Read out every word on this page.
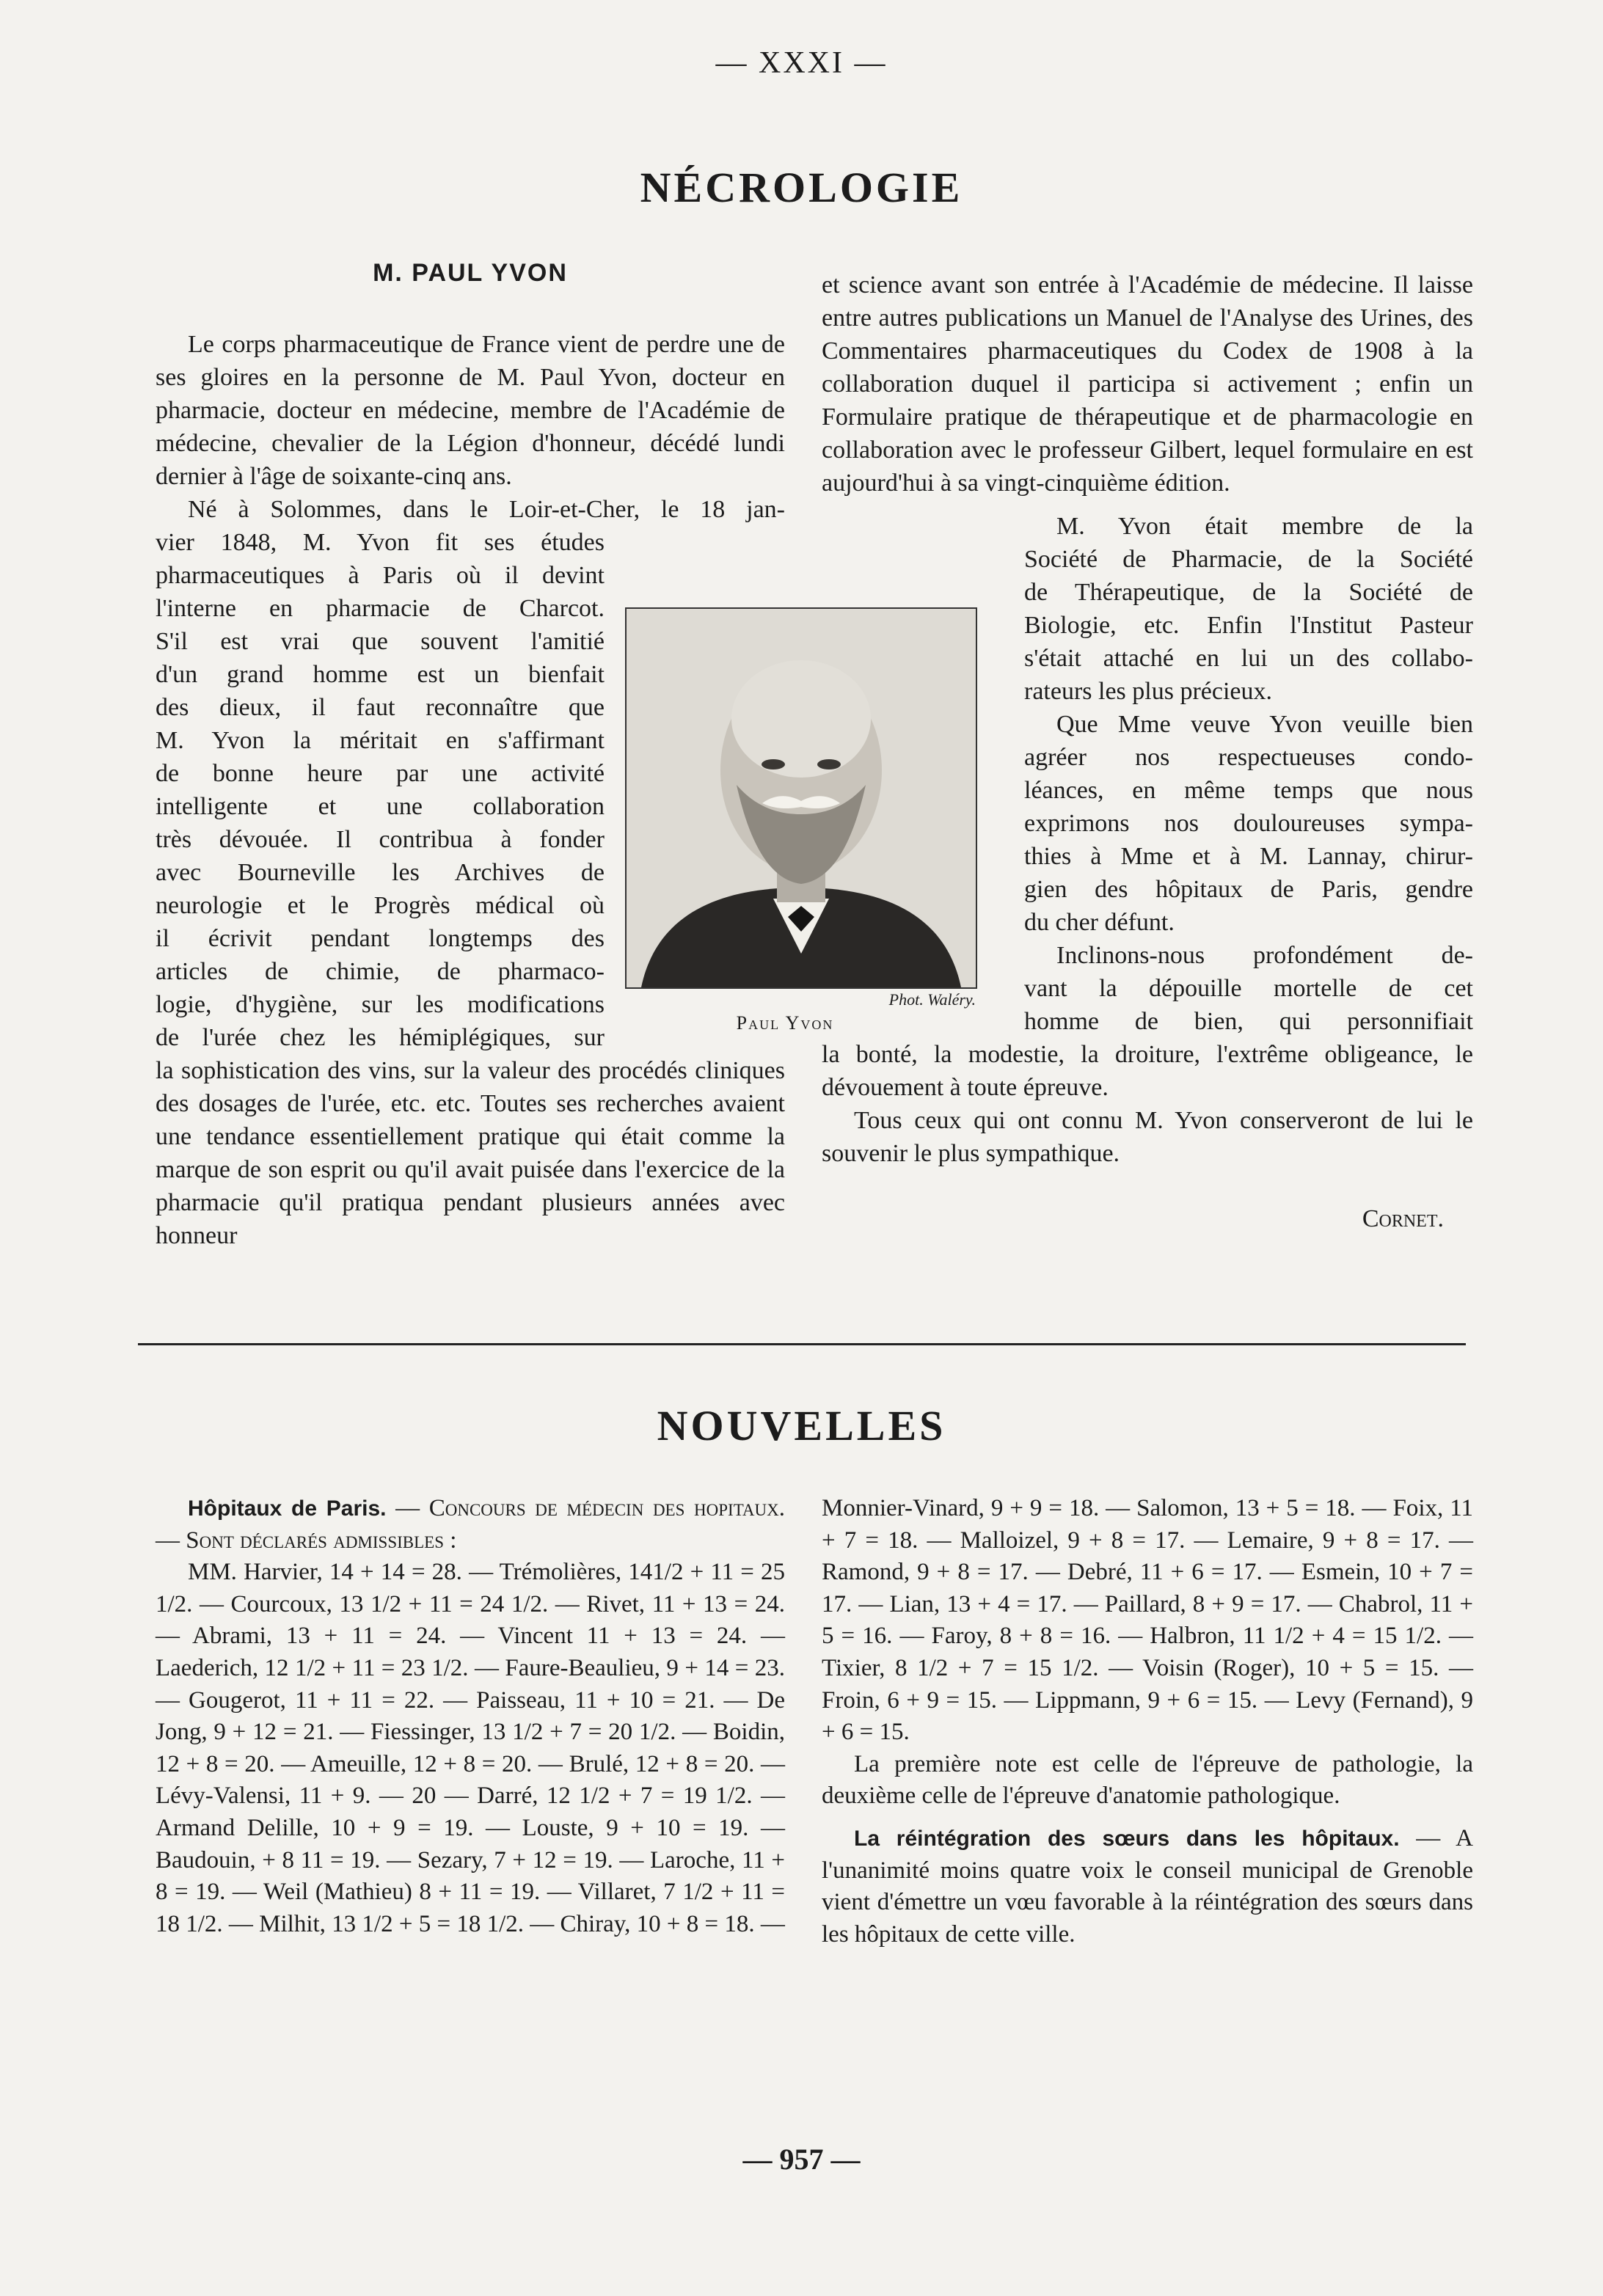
— XXXI —
NÉCROLOGIE
M. PAUL YVON

Le corps pharmaceutique de France vient de perdre une de ses gloires en la personne de M. Paul Yvon, docteur en pharmacie, docteur en médecine, membre de l'Académie de médecine, chevalier de la Légion d'honneur, décédé lundi dernier à l'âge de soixante-cinq ans.

Né à Solommes, dans le Loir-et-Cher, le 18 jan-
vier 1848, M. Yvon fit ses études
pharmaceutiques à Paris où il devint
l'interne en pharmacie de Charcot.
S'il est vrai que souvent l'amitié
d'un grand homme est un bienfait
des dieux, il faut reconnaître que
M. Yvon la méritait en s'affirmant
de bonne heure par une activité
intelligente et une collaboration
très dévouée. Il contribua à fonder
avec Bourneville les Archives de
neurologie et le Progrès médical où
il écrivit pendant longtemps des
articles de chimie, de pharmaco-
logie, d'hygiène, sur les modifications
de l'urée chez les hémiplégiques, sur

la sophistication des vins, sur la valeur des procédés cliniques des dosages de l'urée, etc. etc. Toutes ses recherches avaient une tendance essentiellement pratique qui était comme la marque de son esprit ou qu'il avait puisée dans l'exercice de la pharmacie qu'il pratiqua pendant plusieurs années avec honneur

Phot. Waléry.
Paul Yvon

et science avant son entrée à l'Académie de médecine. Il laisse entre autres publications un Manuel de l'Analyse des Urines, des Commentaires pharmaceutiques du Codex de 1908 à la collaboration duquel il participa si activement ; enfin un Formulaire pratique de thérapeutique et de pharmacologie en collaboration avec le professeur Gilbert, lequel formulaire en est aujourd'hui à sa vingt-cinquième édition.

M. Yvon était membre de la
Société de Pharmacie, de la Société
de Thérapeutique, de la Société de
Biologie, etc. Enfin l'Institut Pasteur
s'était attaché en lui un des collabo-
rateurs les plus précieux.
Que Mme veuve Yvon veuille bien
agréer nos respectueuses condo-
léances, en même temps que nous
exprimons nos douloureuses sympa-
thies à Mme et à M. Lannay, chirur-
gien des hôpitaux de Paris, gendre
du cher défunt.
Inclinons-nous profondément de-
vant la dépouille mortelle de cet
homme de bien, qui personnifiait

la bonté, la modestie, la droiture, l'extrême obligeance, le dévouement à toute épreuve.

Tous ceux qui ont connu M. Yvon conserveront de lui le souvenir le plus sympathique.

Cornet.
NOUVELLES

Hôpitaux de Paris. — Concours de médecin des hopitaux. — Sont déclarés admissibles :

MM. Harvier, 14 + 14 = 28. — Trémolières, 141/2 + 11 = 25 1/2. — Courcoux, 13 1/2 + 11 = 24 1/2. — Rivet, 11 + 13 = 24. — Abrami, 13 + 11 = 24. — Vincent 11 + 13 = 24. — Laederich, 12 1/2 + 11 = 23 1/2. — Faure-Beaulieu, 9 + 14 = 23. — Gougerot, 11 + 11 = 22. — Paisseau, 11 + 10 = 21. — De Jong, 9 + 12 = 21. — Fiessinger, 13 1/2 + 7 = 20 1/2. — Boidin, 12 + 8 = 20. — Ameuille, 12 + 8 = 20. — Brulé, 12 + 8 = 20. — Lévy-Valensi, 11 + 9. — 20 — Darré, 12 1/2 + 7 = 19 1/2. — Armand Delille, 10 + 9 = 19. — Louste, 9 + 10 = 19. — Baudouin, + 8 11 = 19. — Sezary, 7 + 12 = 19. — Laroche, 11 + 8 = 19. — Weil (Mathieu) 8 + 11 = 19. — Villaret, 7 1/2 + 11 = 18 1/2. — Milhit, 13 1/2 + 5 = 18 1/2. — Chiray, 10 + 8 = 18. —

Monnier-Vinard, 9 + 9 = 18. — Salomon, 13 + 5 = 18. — Foix, 11 + 7 = 18. — Malloizel, 9 + 8 = 17. — Lemaire, 9 + 8 = 17. — Ramond, 9 + 8 = 17. — Debré, 11 + 6 = 17. — Esmein, 10 + 7 = 17. — Lian, 13 + 4 = 17. — Paillard, 8 + 9 = 17. — Chabrol, 11 + 5 = 16. — Faroy, 8 + 8 = 16. — Halbron, 11 1/2 + 4 = 15 1/2. — Tixier, 8 1/2 + 7 = 15 1/2. — Voisin (Roger), 10 + 5 = 15. — Froin, 6 + 9 = 15. — Lippmann, 9 + 6 = 15. — Levy (Fernand), 9 + 6 = 15.

La première note est celle de l'épreuve de pathologie, la deuxième celle de l'épreuve d'anatomie pathologique.

La réintégration des sœurs dans les hôpitaux. — A l'unanimité moins quatre voix le conseil municipal de Grenoble vient d'émettre un vœu favorable à la réintégration des sœurs dans les hôpitaux de cette ville.

— 957 —
